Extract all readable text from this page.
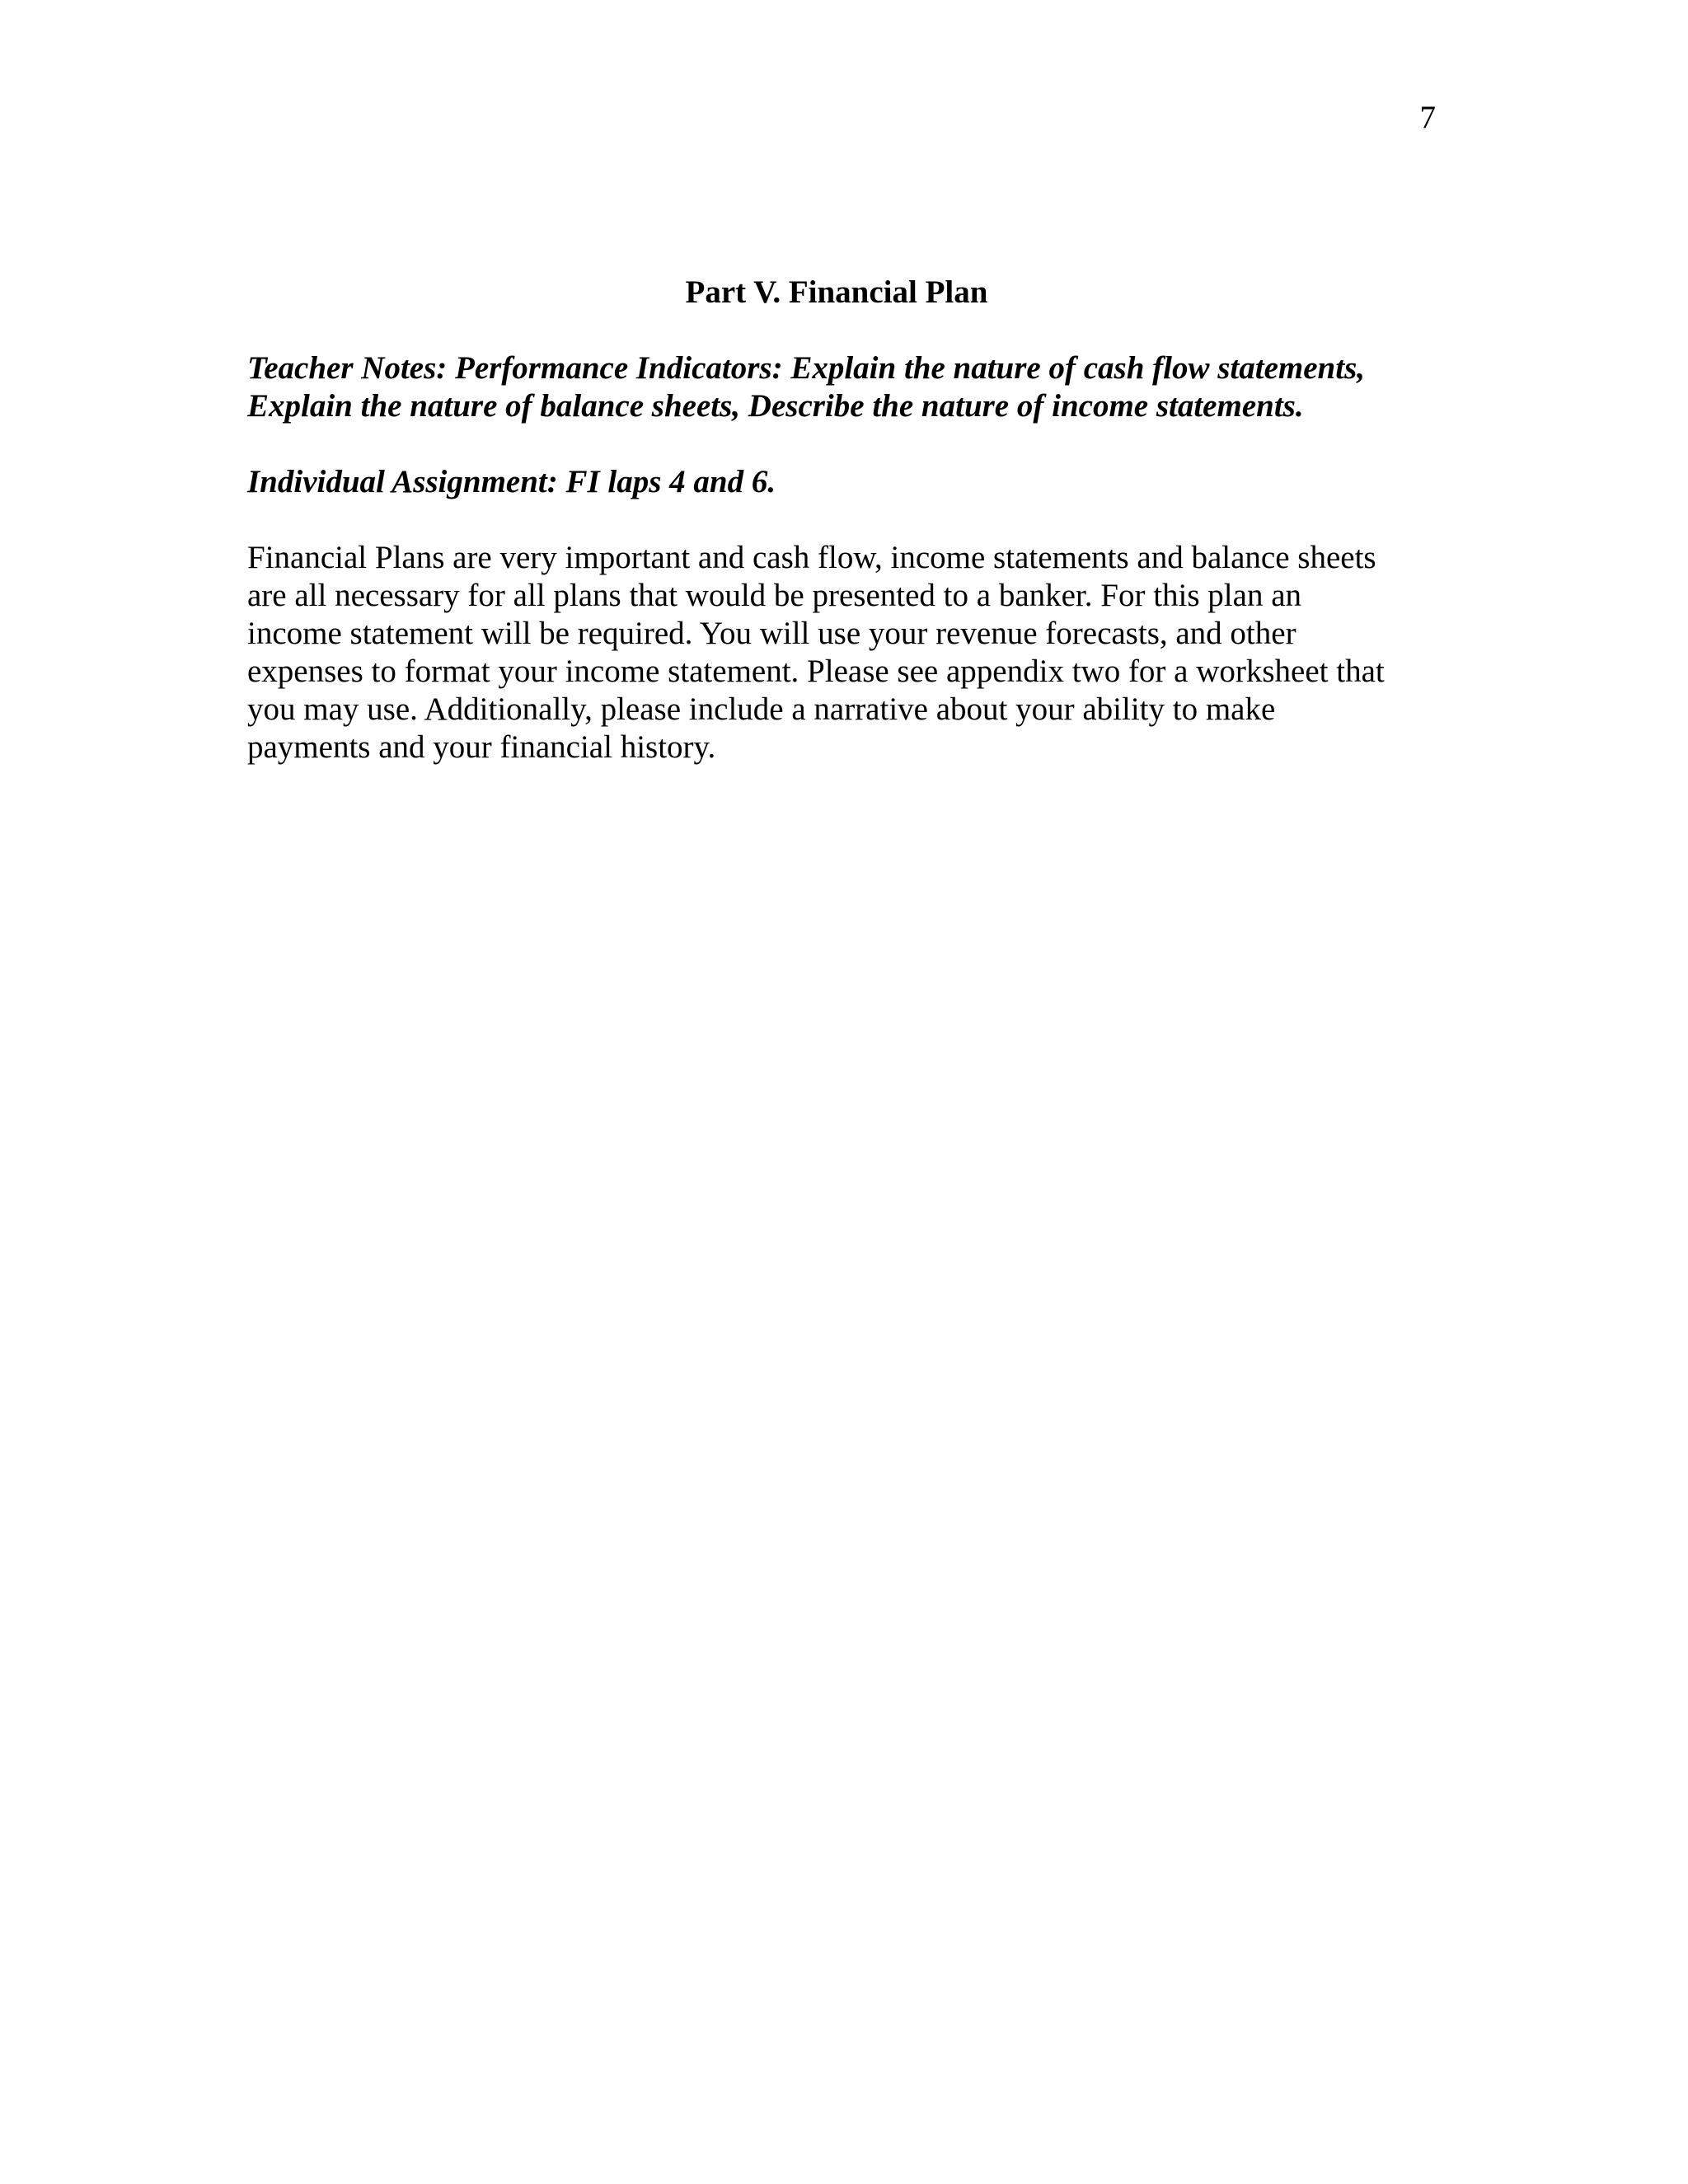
7
Part V. Financial Plan

Teacher Notes: Performance Indicators: Explain the nature of cash flow statements,
Explain the nature of balance sheets, Describe the nature of income statements.

Individual Assignment: FI laps 4 and 6.

Financial Plans are very important and cash flow, income statements and balance sheets
are all necessary for all plans that would be presented to a banker. For this plan an
income statement will be required. You will use your revenue forecasts, and other
expenses to format your income statement. Please see appendix two for a worksheet that
you may use. Additionally, please include a narrative about your ability to make
payments and your financial history.
